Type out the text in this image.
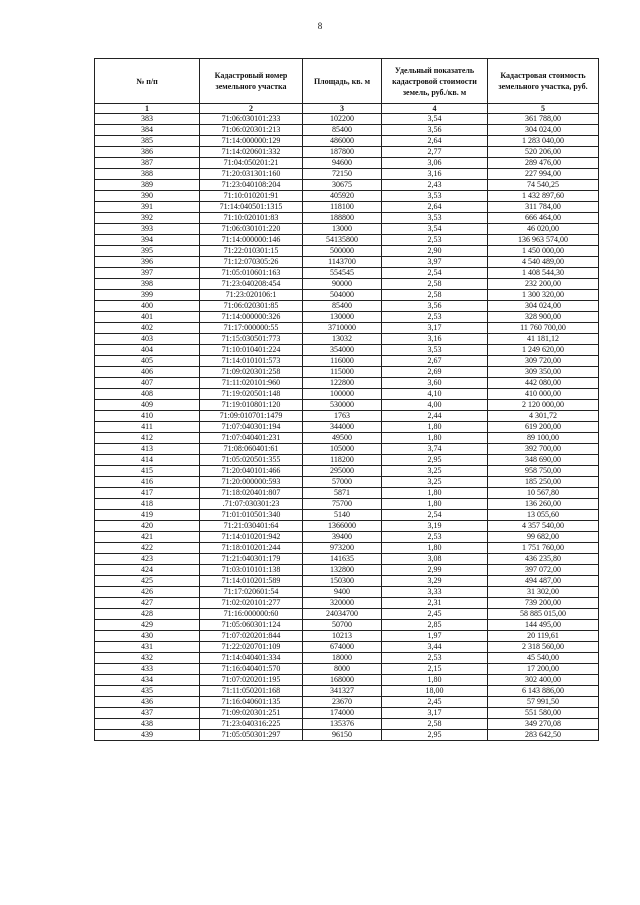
8
№ п/п	Кадастровый номер земельного участка	Площадь, кв. м	Удельный показатель кадастровой стоимости земель, руб./кв. м	Кадастровая стоимость земельного участка, руб.
1	2	3	4	5
383	71:06:030101:233	102200	3,54	361 788,00
384	71:06:020301:213	85400	3,56	304 024,00
385	71:14:000000:129	486000	2,64	1 283 040,00
386	71:14:020601:332	187800	2,77	520 206,00
387	71:04:050201:21	94600	3,06	289 476,00
388	71:20:031301:160	72150	3,16	227 994,00
389	71:23:040108:204	30675	2,43	74 540,25
390	71:10:010201:91	405920	3,53	1 432 897,60
391	71:14:040501:1315	118100	2,64	311 784,00
392	71:10:020101:83	188800	3,53	666 464,00
393	71:06:030101:220	13000	3,54	46 020,00
394	71:14:000000:146	54135800	2,53	136 963 574,00
395	71:22:010301:15	500000	2,90	1 450 000,00
396	71:12:070305:26	1143700	3,97	4 540 489,00
397	71:05:010601:163	554545	2,54	1 408 544,30
398	71:23:040208:454	90000	2,58	232 200,00
399	71:23:020106:1	504000	2,58	1 300 320,00
400	71:06:020301:85	85400	3,56	304 024,00
401	71:14:000000:326	130000	2,53	328 900,00
402	71:17:000000:55	3710000	3,17	11 760 700,00
403	71:15:030501:773	13032	3,16	41 181,12
404	71:10:010401:224	354000	3,53	1 249 620,00
405	71:14:010101:573	116000	2,67	309 720,00
406	71:09:020301:258	115000	2,69	309 350,00
407	71:11:020101:960	122800	3,60	442 080,00
408	71:19:020501:148	100000	4,10	410 000,00
409	71:19:010801:120	530000	4,00	2 120 000,00
410	71:09:010701:1479	1763	2,44	4 301,72
411	71:07:040301:194	344000	1,80	619 200,00
412	71:07:040401:231	49500	1,80	89 100,00
413	71:08:060401:61	105000	3,74	392 700,00
414	71:05:020501:355	118200	2,95	348 690,00
415	71:20:040101:466	295000	3,25	958 750,00
416	71:20:000000:593	57000	3,25	185 250,00
417	71:18:020401:807	5871	1,80	10 567,80
418	.71:07:030301:23	75700	1,80	136 260,00
419	71:01:010501:340	5140	2,54	13 055,60
420	71:21:030401:64	1366000	3,19	4 357 540,00
421	71:14:010201:942	39400	2,53	99 682,00
422	71:18:010201:244	973200	1,80	1 751 760,00
423	71:21:040301:179	141635	3,08	436 235,80
424	71:03:010101:138	132800	2,99	397 072,00
425	71:14:010201:589	150300	3,29	494 487,00
426	71:17:020601:54	9400	3,33	31 302,00
427	71:02:020101:277	320000	2,31	739 200,00
428	71:16:000000:60	24034700	2,45	58 885 015,00
429	71:05:060301:124	50700	2,85	144 495,00
430	71:07:020201:844	10213	1,97	20 119,61
431	71:22:020701:109	674000	3,44	2 318 560,00
432	71:14:040401:334	18000	2,53	45 540,00
433	71:16:040401:570	8000	2,15	17 200,00
434	71:07:020201:195	168000	1,80	302 400,00
435	71:11:050201:168	341327	18,00	6 143 886,00
436	71:16:040601:135	23670	2,45	57 991,50
437	71:09:020301:251	174000	3,17	551 580,00
438	71:23:040316:225	135376	2,58	349 270,08
439	71:05:050301:297	96150	2,95	283 642,50
